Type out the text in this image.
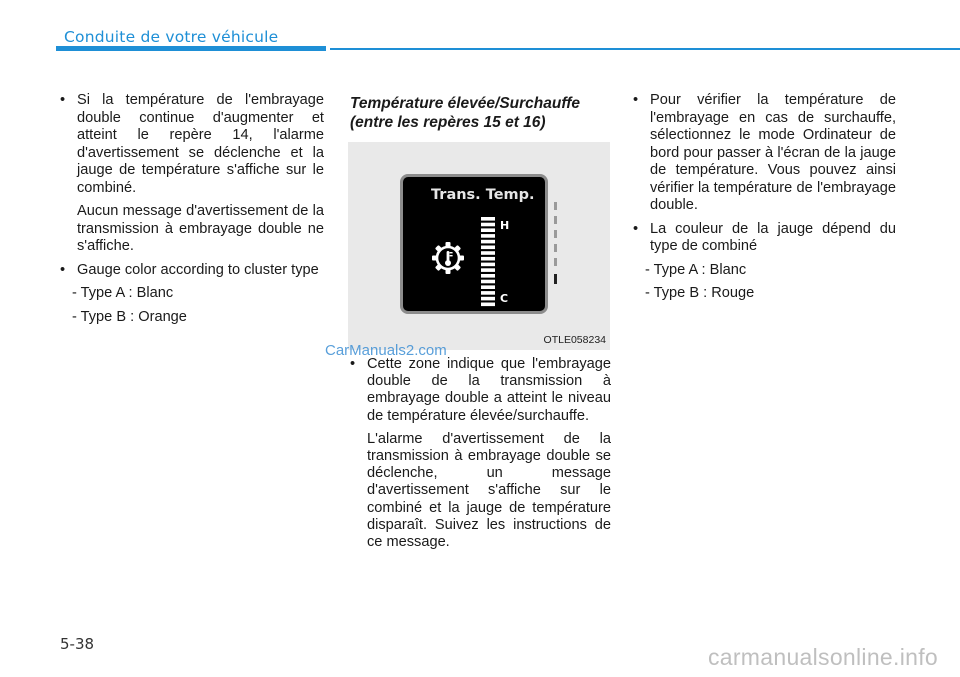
Conduite de votre véhicule
• Si la température de l'embrayage double continue d'augmenter et atteint le repère 14, l'alarme d'avertissement se déclenche et la jauge de température s'affiche sur le combiné.
Aucun message d'avertissement de la transmission à embrayage double ne s'affiche.
• Gauge color according to cluster type
- Type A : Blanc
- Type B : Orange
Température élevée/Surchauffe (entre les repères 15 et 16)
Trans. Temp.
H
C
OTLE058234
• Cette zone indique que l'embrayage double de la transmission à embrayage double a atteint le niveau de température élevée/surchauffe.
L'alarme d'avertissement de la transmission à embrayage double se déclenche, un message d'avertissement s'affiche sur le combiné et la jauge de température disparaît. Suivez les instructions de ce message.
• Pour vérifier la température de l'embrayage en cas de surchauffe, sélectionnez le mode Ordinateur de bord pour passer à l'écran de la jauge de température. Vous pouvez ainsi vérifier la température de l'embrayage double.
• La couleur de la jauge dépend du type de combiné
- Type A : Blanc
- Type B : Rouge
CarManuals2.com
5-38	carmanualsonline.info
